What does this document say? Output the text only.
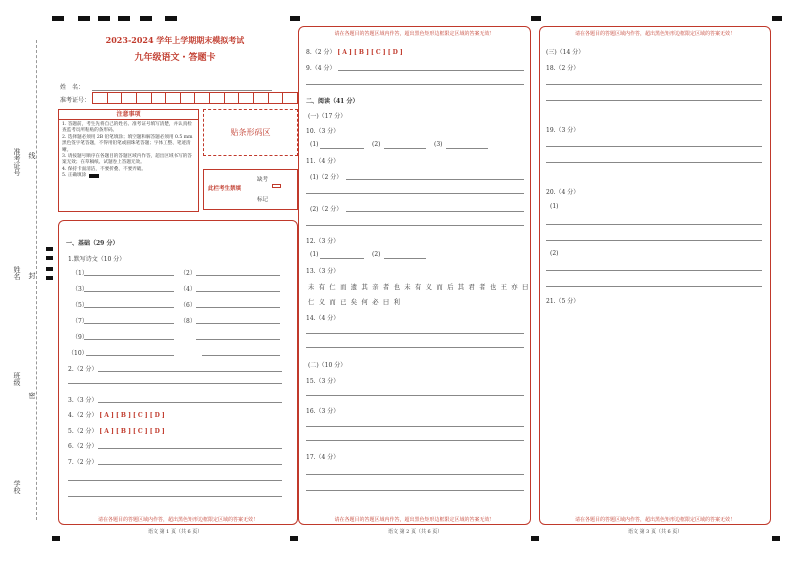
准考证号 线
姓名 封
班级
密
学校
2023-2024 学年上学期期末模拟考试
九年级语文・答题卡
姓　名：
准考证号：
注意事项
1. 答题前，考生先将自己的姓名、准考证号填写清楚，并认真检查监考员所粘贴的条形码。
2. 选择题必须用 2B 铅笔填涂；填空题和解答题必须用 0.5 mm 黑色签字笔答题，不得用铅笔或圆珠笔答题；字体工整、笔迹清晰。
3. 请按题号顺序在各题目的答题区域内作答，超出区域书写的答案无效；在草稿纸、试题卷上答题无效。
4. 保持卡面清洁，不要折叠、不要弄破。
5. 正确填涂
贴条形码区
此栏考生禁填
缺考
标记
一、基础（29 分）
1.默写诗文（10 分）
（1）	（2）
（3）	（4）
（5）	（6）
（7）	（8）
（9）
（10）
2.（2 分）
3.（3 分）
4.（2 分） [ A ] [ B ] [ C ] [ D ]
5.（2 分） [ A ] [ B ] [ C ] [ D ]
6.（2 分）
7.（2 分）
请在各题目的答题区域内作答，超出黑色矩形边框限定区域的答案无效！
语文 第 1 页（共 6 页）
请在各题目的答题区域内作答，超出黑色矩形边框限定区域的答案无效！
请在各题目的答题区域内作答，超出黑色矩形边框限定区域的答案无效！
语文 第 2 页（共 6 页）
8.（2 分） [ A ] [ B ] [ C ] [ D ]
9.（4 分）
二、阅读（41 分）
(一)（17 分）
10.（3 分）
(1)	(2)	(3)
11.（4 分）
(1)（2 分）
(2)（2 分）
12.（3 分）
(1)	(2)
13.（3 分）
未 有 仁 而 遗 其 亲 者 也 未 有 义 而 后 其 君 者 也 王 亦 曰
仁 义 而 已 矣 何 必 曰 利
14.（4 分）
(二)（10 分）
15.（3 分）
16.（3 分）
17.（4 分）
请在各题目的答题区域内作答，超出黑色矩形边框限定区域的答案无效！
请在各题目的答题区域内作答，超出黑色矩形边框限定区域的答案无效！
语文 第 3 页（共 6 页）
(三)（14 分）
18.（2 分）
19.（3 分）
20.（4 分）
(1)
(2)
21.（5 分）
